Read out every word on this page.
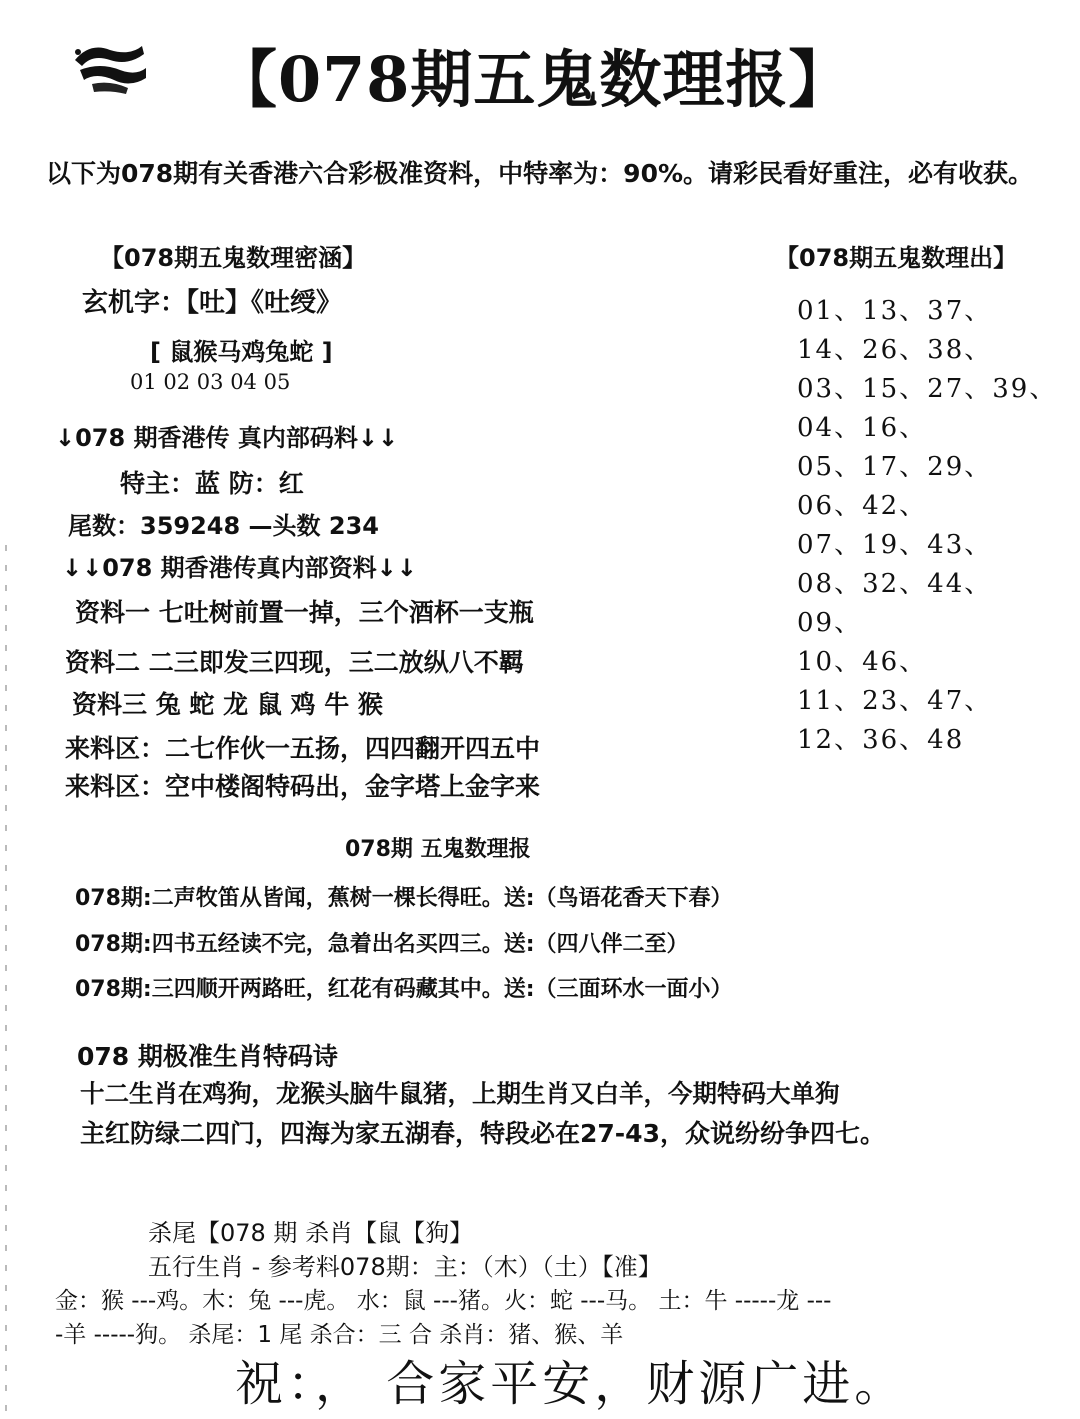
【078期五鬼数理报】
以下为078期有关香港六合彩极准资料，中特率为：90%。请彩民看好重注，必有收获。
【078期五鬼数理密涵】
玄机字：【吐】《吐绶》
[ 鼠猴马鸡兔蛇 ]
01 02 03 04 05
↓078 期香港传 真内部码料↓↓
特主：蓝 防：红
尾数：359248 —头数 234
↓↓078 期香港传真内部资料↓↓
资料一 七吐树前置一掉，三个酒杯一支瓶
资料二 二三即发三四现，三二放纵八不羁
资料三 兔 蛇 龙 鼠 鸡 牛 猴
来料区：二七作伙一五扬，四四翻开四五中
来料区：空中楼阁特码出，金字塔上金字来
【078期五鬼数理出】
01、13、37、
14、26、38、
03、15、27、39、
04、16、
05、17、29、
06、42、
07、19、43、
08、32、44、
09、
10、46、
11、23、47、
12、36、48
078期 五鬼数理报
078期:二声牧笛从皆闻，蕉树一棵长得旺。送:（鸟语花香天下春）
078期:四书五经读不完，急着出名买四三。送:（四八伴二至）
078期:三四顺开两路旺，红花有码藏其中。送:（三面环水一面小）
078 期极准生肖特码诗
十二生肖在鸡狗，龙猴头脑牛鼠猪，上期生肖又白羊，今期特码大单狗
主红防绿二四门，四海为家五湖春，特段必在27-43，众说纷纷争四七。
杀尾【078 期 杀肖【鼠【狗】
五行生肖 - 参考料078期：主：（木）（土）【准】
金：猴 ---鸡。木：兔 ---虎。 水：鼠 ---猪。火：蛇 ---马。 土：牛 -----龙 ---
-羊 -----狗。 杀尾：1 尾 杀合：三 合 杀肖：猪、猴、羊
祝：， 合家平安，财源广进。
